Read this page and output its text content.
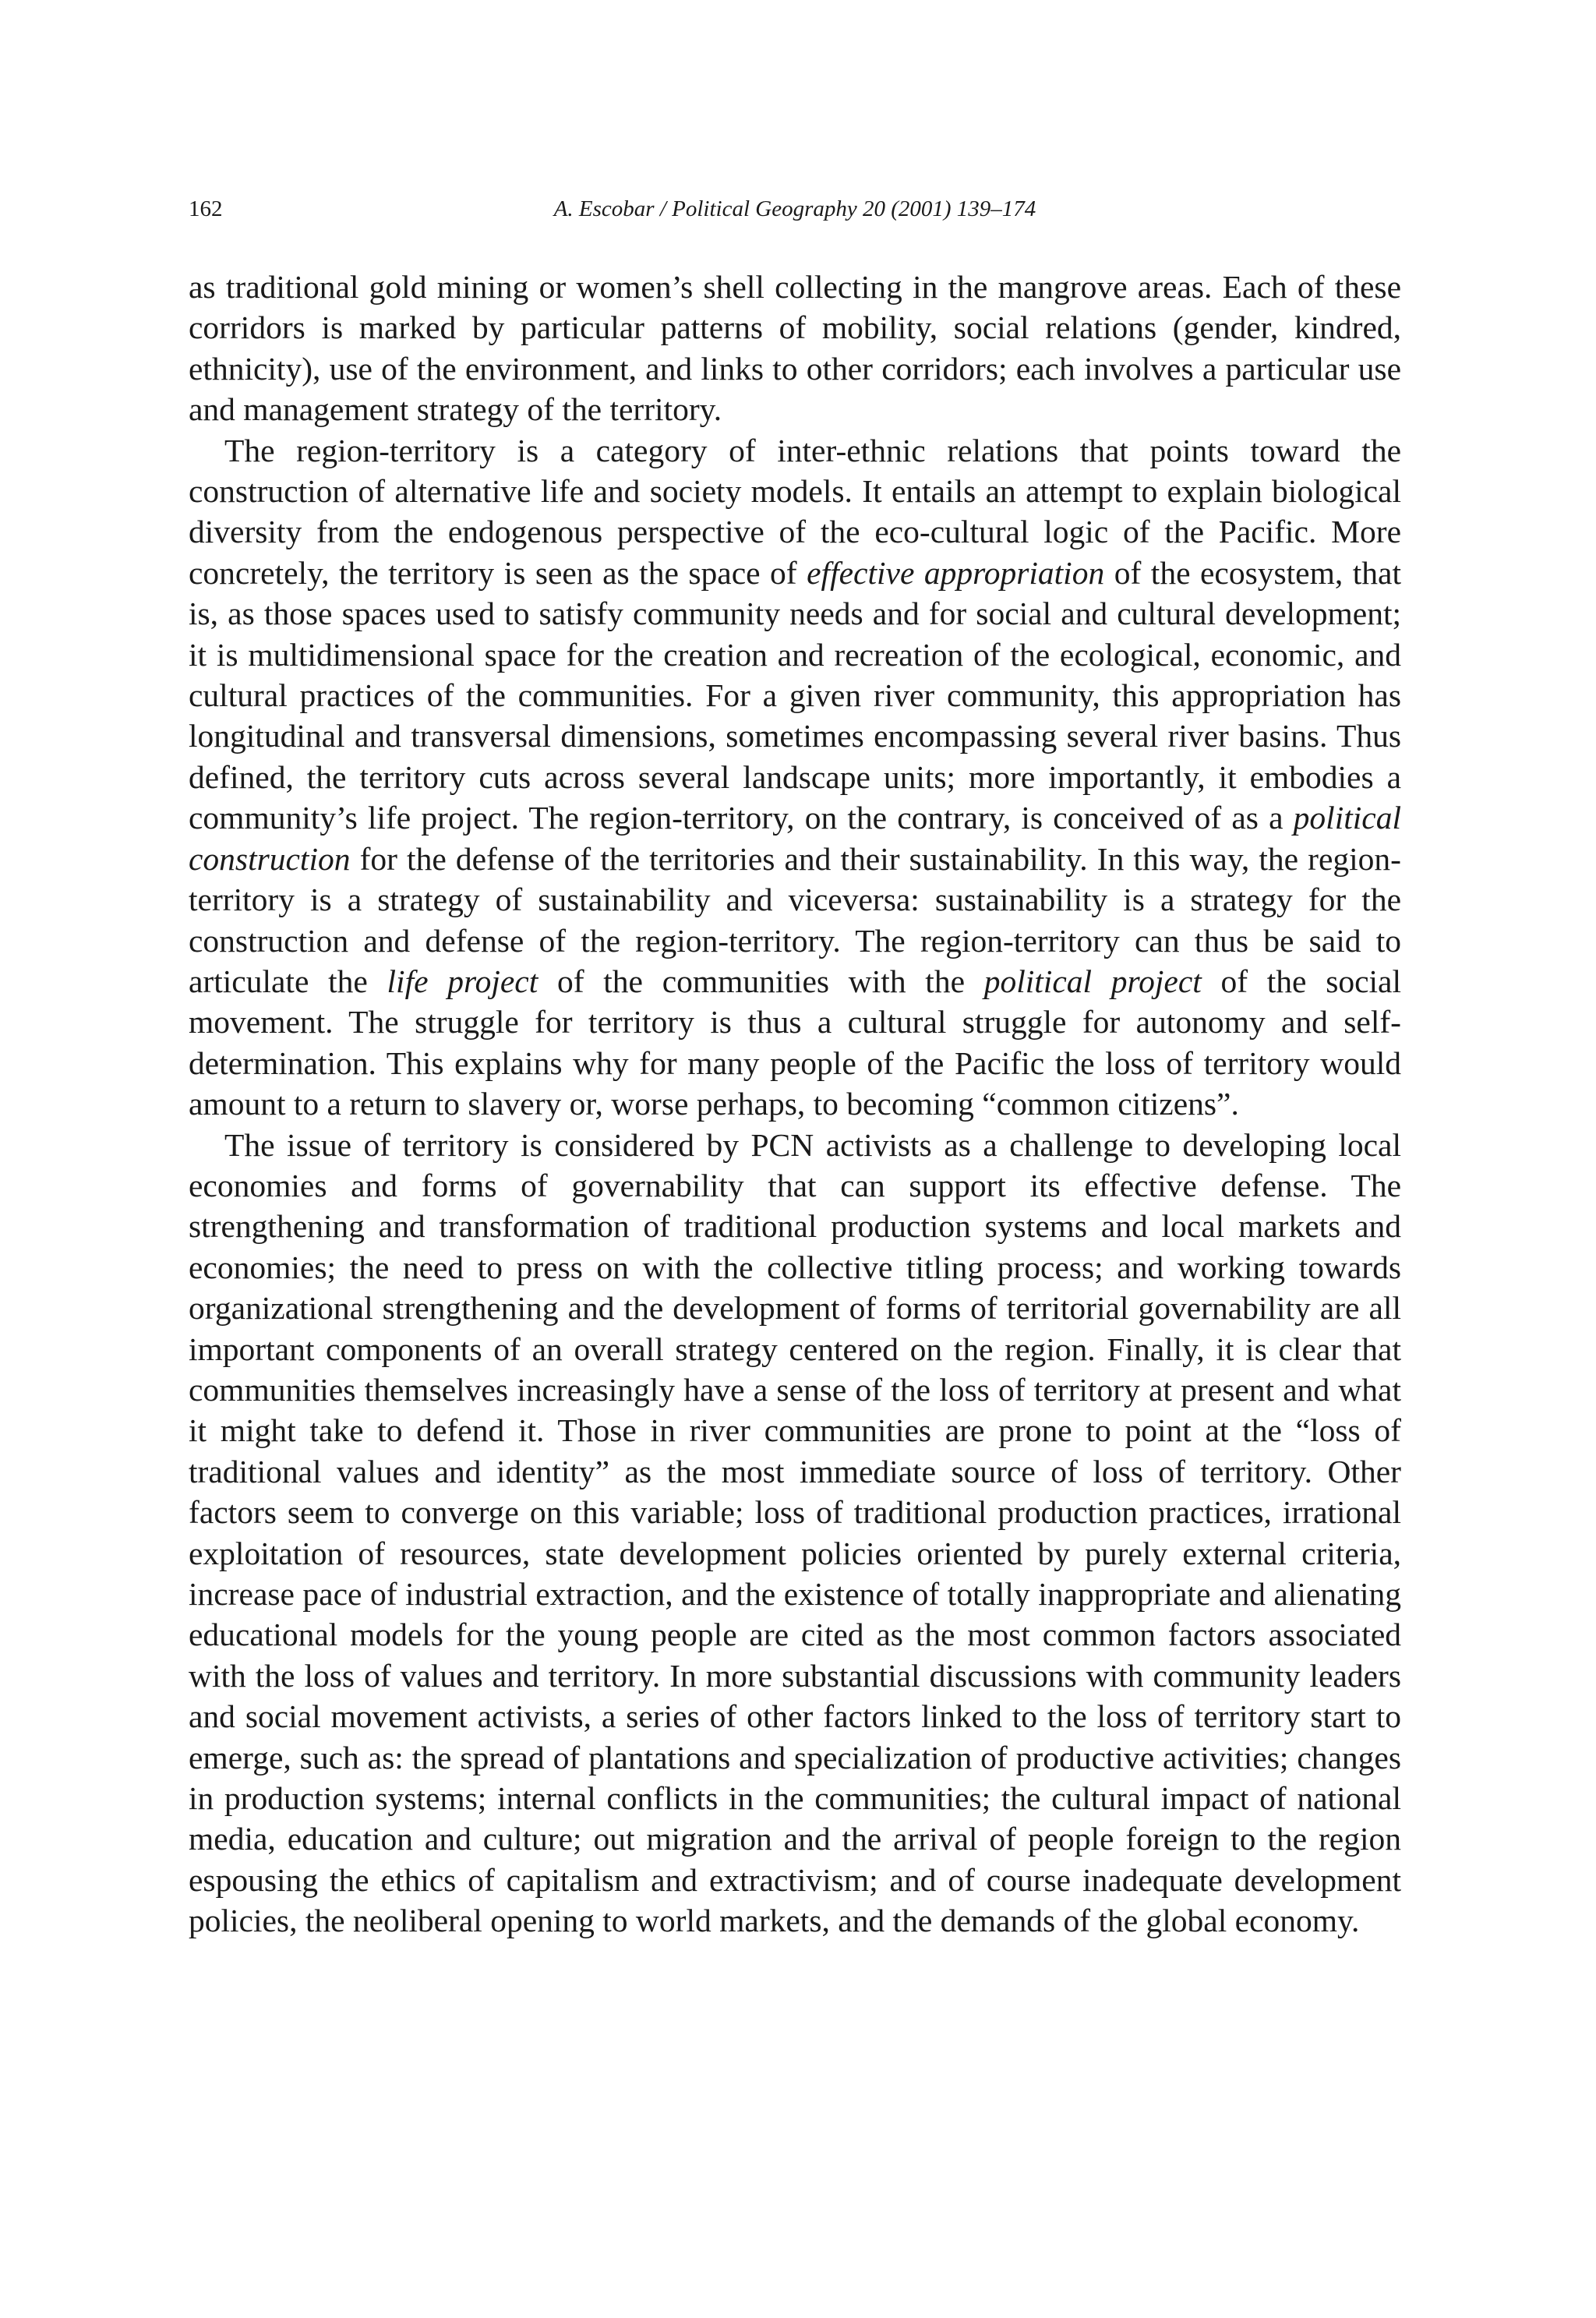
162	A. Escobar / Political Geography 20 (2001) 139–174

as traditional gold mining or women’s shell collecting in the mangrove areas. Each of these corridors is marked by particular patterns of mobility, social relations (gender, kindred, ethnicity), use of the environment, and links to other corridors; each involves a particular use and management strategy of the territory.

The region-territory is a category of inter-ethnic relations that points toward the construction of alternative life and society models. It entails an attempt to explain biological diversity from the endogenous perspective of the eco-cultural logic of the Pacific. More concretely, the territory is seen as the space of effective appropriation of the ecosystem, that is, as those spaces used to satisfy community needs and for social and cultural development; it is multidimensional space for the creation and recreation of the ecological, economic, and cultural practices of the communities. For a given river community, this appropriation has longitudinal and transversal dimensions, sometimes encompassing several river basins. Thus defined, the territory cuts across several landscape units; more importantly, it embodies a community’s life project. The region-territory, on the contrary, is conceived of as a political construction for the defense of the territories and their sustainability. In this way, the region-territory is a strategy of sustainability and viceversa: sustainability is a strategy for the construction and defense of the region-territory. The region-territory can thus be said to articulate the life project of the communities with the political project of the social movement. The struggle for territory is thus a cultural struggle for autonomy and self-determination. This explains why for many people of the Pacific the loss of territory would amount to a return to slavery or, worse perhaps, to becoming “common citizens”.

The issue of territory is considered by PCN activists as a challenge to developing local economies and forms of governability that can support its effective defense. The strengthening and transformation of traditional production systems and local markets and economies; the need to press on with the collective titling process; and working towards organizational strengthening and the development of forms of territorial governability are all important components of an overall strategy centered on the region. Finally, it is clear that communities themselves increasingly have a sense of the loss of territory at present and what it might take to defend it. Those in river communities are prone to point at the “loss of traditional values and identity” as the most immediate source of loss of territory. Other factors seem to converge on this variable; loss of traditional production practices, irrational exploitation of resources, state development policies oriented by purely external criteria, increase pace of industrial extraction, and the existence of totally inappropriate and alienating educational models for the young people are cited as the most common factors associated with the loss of values and territory. In more substantial discussions with community leaders and social movement activists, a series of other factors linked to the loss of territory start to emerge, such as: the spread of plantations and specialization of productive activities; changes in production systems; internal conflicts in the communities; the cultural impact of national media, education and culture; out migration and the arrival of people foreign to the region espousing the ethics of capitalism and extractivism; and of course inadequate development policies, the neoliberal opening to world markets, and the demands of the global economy.
